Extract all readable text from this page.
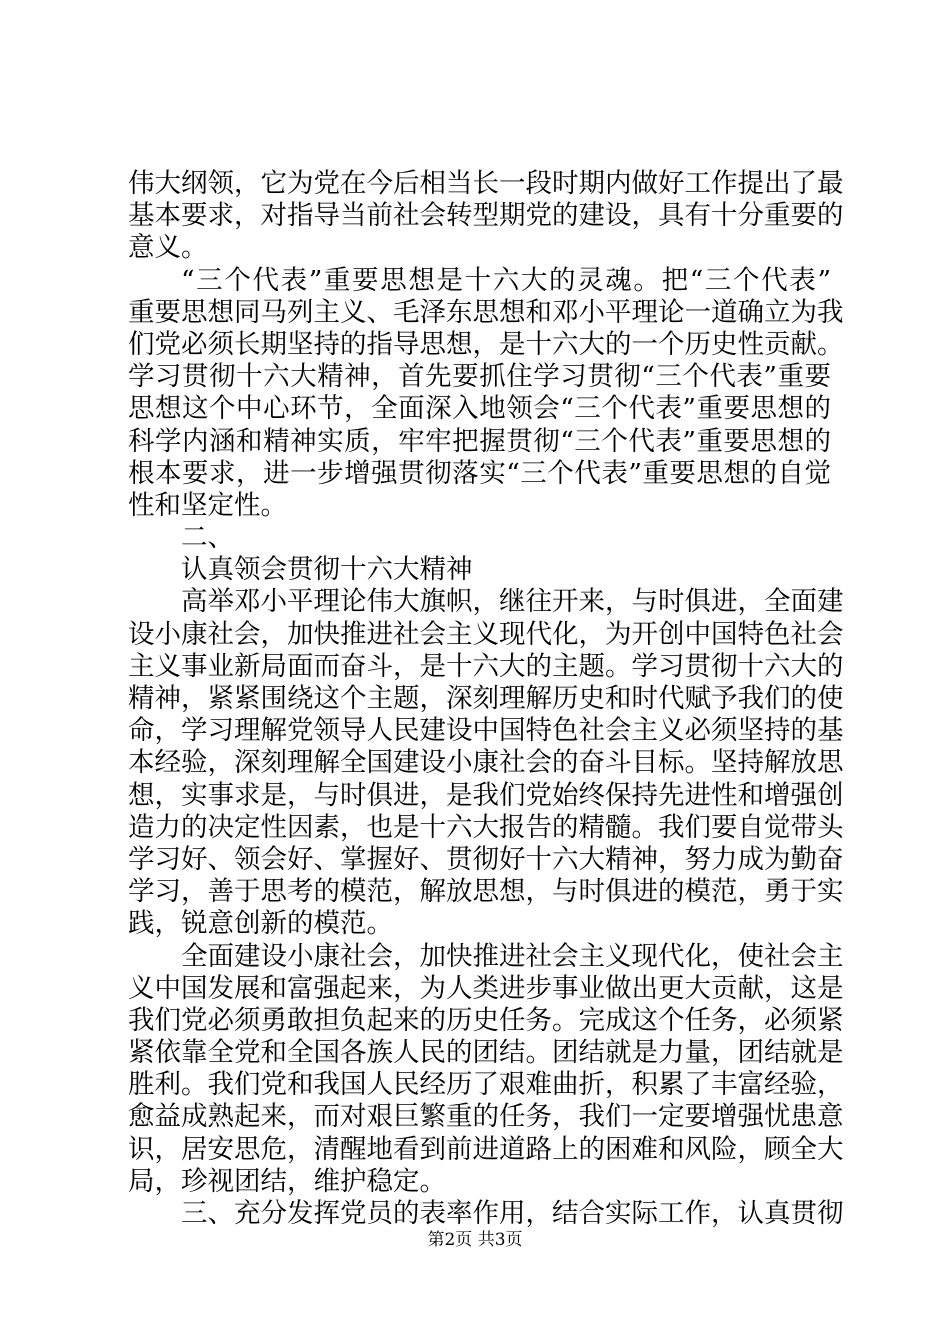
伟大纲领，它为党在今后相当长一段时期内做好工作提出了最
基本要求，对指导当前社会转型期党的建设，具有十分重要的
意义。
“三个代表”重要思想是十六大的灵魂。把“三个代表”
重要思想同马列主义、毛泽东思想和邓小平理论一道确立为我
们党必须长期坚持的指导思想，是十六大的一个历史性贡献。
学习贯彻十六大精神，首先要抓住学习贯彻“三个代表”重要
思想这个中心环节，全面深入地领会“三个代表”重要思想的
科学内涵和精神实质，牢牢把握贯彻“三个代表”重要思想的
根本要求，进一步增强贯彻落实“三个代表”重要思想的自觉
性和坚定性。
二、
认真领会贯彻十六大精神
高举邓小平理论伟大旗帜，继往开来，与时俱进，全面建
设小康社会，加快推进社会主义现代化，为开创中国特色社会
主义事业新局面而奋斗，是十六大的主题。学习贯彻十六大的
精神，紧紧围绕这个主题，深刻理解历史和时代赋予我们的使
命，学习理解党领导人民建设中国特色社会主义必须坚持的基
本经验，深刻理解全国建设小康社会的奋斗目标。坚持解放思
想，实事求是，与时俱进，是我们党始终保持先进性和增强创
造力的决定性因素，也是十六大报告的精髓。我们要自觉带头
学习好、领会好、掌握好、贯彻好十六大精神，努力成为勤奋
学习，善于思考的模范，解放思想，与时俱进的模范，勇于实
践，锐意创新的模范。
全面建设小康社会，加快推进社会主义现代化，使社会主
义中国发展和富强起来，为人类进步事业做出更大贡献，这是
我们党必须勇敢担负起来的历史任务。完成这个任务，必须紧
紧依靠全党和全国各族人民的团结。团结就是力量，团结就是
胜利。我们党和我国人民经历了艰难曲折，积累了丰富经验，
愈益成熟起来，而对艰巨繁重的任务，我们一定要增强忧患意
识，居安思危，清醒地看到前进道路上的困难和风险，顾全大
局，珍视团结，维护稳定。
三、充分发挥党员的表率作用，结合实际工作，认真贯彻
第2页 共3页
